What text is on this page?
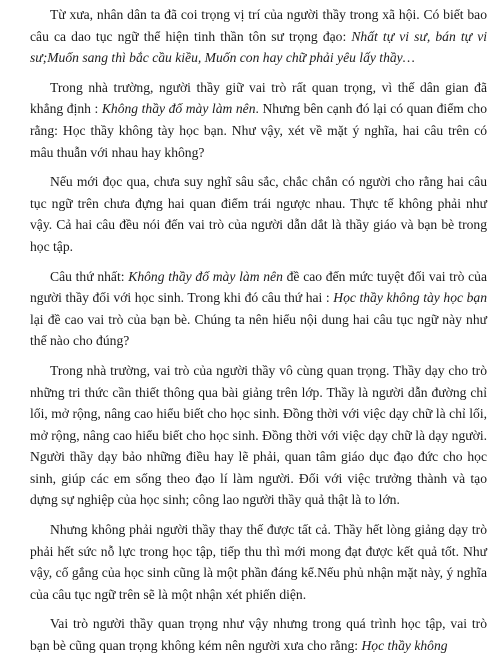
Từ xưa, nhân dân ta đã coi trọng vị trí của người thầy trong xã hội. Có biết bao câu ca dao tục ngữ thể hiện tinh thần tôn sư trọng đạo: Nhất tự vi sư, bán tự vi sư;Muốn sang thì bắc cầu kiều, Muốn con hay chữ phải yêu lấy thầy…

Trong nhà trường, người thầy giữ vai trò rất quan trọng, vì thế dân gian đã khẳng định : Không thầy đố mày làm nên. Nhưng bên cạnh đó lại có quan điểm cho rằng: Học thầy không tày học bạn. Như vậy, xét về mặt ý nghĩa, hai câu trên có mâu thuẫn với nhau hay không?

Nếu mới đọc qua, chưa suy nghĩ sâu sắc, chắc chắn có người cho rằng hai câu tục ngữ trên chưa đựng hai quan điểm trái ngược nhau. Thực tế không phải như vậy. Cả hai câu đều nói đến vai trò của người dẫn dắt là thầy giáo và bạn bè trong học tập.

Câu thứ nhất: Không thầy đố mày làm nên đề cao đến mức tuyệt đối vai trò của người thầy đối với học sinh. Trong khi đó câu thứ hai : Học thầy không tày học bạn lại đề cao vai trò của bạn bè. Chúng ta nên hiểu nội dung hai câu tục ngữ này như thế nào cho đúng?

Trong nhà trường, vai trò của người thầy vô cùng quan trọng. Thầy dạy cho trò những tri thức cần thiết thông qua bài giảng trên lớp. Thầy là người dẫn đường chỉ lối, mở rộng, nâng cao hiểu biết cho học sinh. Đồng thời với việc dạy chữ là chỉ lối, mở rộng, nâng cao hiểu biết cho học sinh. Đồng thời với việc dạy chữ là dạy người. Người thầy dạy bảo những điều hay lẽ phải, quan tâm giáo dục đạo đức cho học sinh, giúp các em sống theo đạo lí làm người. Đối với việc trưởng thành và tạo dựng sự nghiệp của học sinh; công lao người thầy quả thật là to lớn.

Nhưng không phải người thầy thay thế được tất cả. Thầy hết lòng giảng dạy trò phải hết sức nỗ lực trong học tập, tiếp thu thì mới mong đạt được kết quả tốt. Như vậy, cố gắng của học sinh cũng là một phần đáng kể.Nếu phủ nhận mặt này, ý nghĩa của câu tục ngữ trên sẽ là một nhận xét phiến diện.

Vai trò người thầy quan trọng như vậy nhưng trong quá trình học tập, vai trò bạn bè cũng quan trọng không kém nên người xưa cho rằng: Học thầy không
